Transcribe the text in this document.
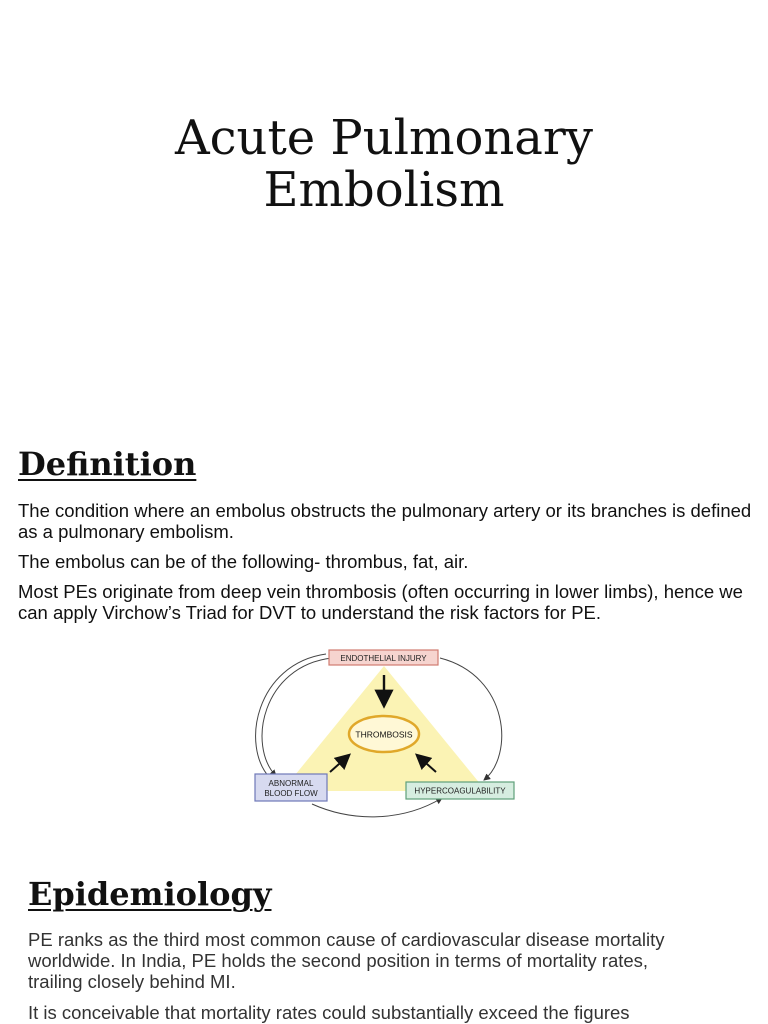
Acute Pulmonary
Embolism
Definition

The condition where an embolus obstructs the pulmonary artery or its branches is defined as a pulmonary embolism.

The embolus can be of the following- thrombus, fat, air.

Most PEs originate from deep vein thrombosis (often occurring in lower limbs), hence we can apply Virchow’s Triad for DVT to understand the risk factors for PE.

THROMBOSIS
ENDOTHELIAL INJURY
ABNORMAL
BLOOD FLOW	HYPERCOAGULABILITY
Epidemiology

PE ranks as the third most common cause of cardiovascular disease mortality worldwide. In India, PE holds the second position in terms of mortality rates, trailing closely behind MI.

It is conceivable that mortality rates could substantially exceed the figures
